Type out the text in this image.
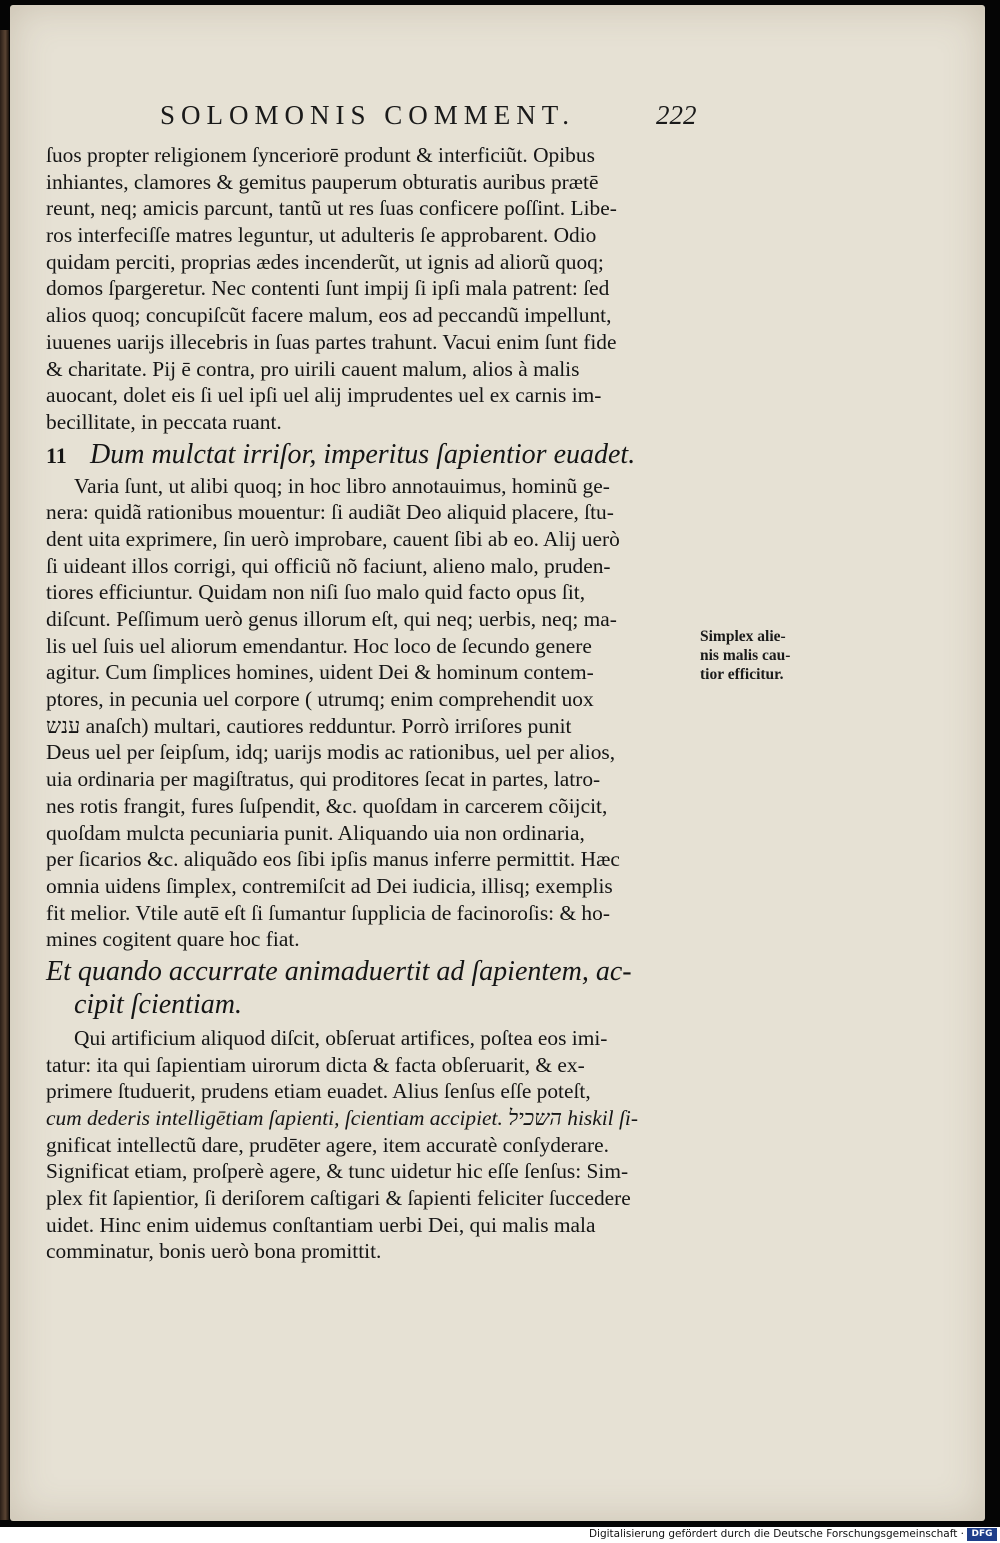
SOLOMONIS COMMENT.	222
ſuos propter religionem ſynceriorē produnt & interficiũt. Opibus
inhiantes, clamores & gemitus pauperum obturatis auribus prætē
reunt, neq; amicis parcunt, tantũ ut res ſuas conficere poſſint. Libe-
ros interfeciſſe matres leguntur, ut adulteris ſe approbarent. Odio
quidam perciti, proprias ædes incenderũt, ut ignis ad aliorũ quoq;
domos ſpargeretur. Nec contenti ſunt impij ſi ipſi mala patrent: ſed
alios quoq; concupiſcũt facere malum, eos ad peccandũ impellunt,
iuuenes uarijs illecebris in ſuas partes trahunt. Vacui enim ſunt fide
& charitate. Pij ē contra, pro uirili cauent malum, alios à malis
auocant, dolet eis ſi uel ipſi uel alij imprudentes uel ex carnis im-
becillitate, in peccata ruant.
11 Dum mulctat irriſor, imperitus ſapientior euadet.
Varia ſunt, ut alibi quoq; in hoc libro annotauimus, hominũ ge-
nera: quidã rationibus mouentur: ſi audiãt Deo aliquid placere, ſtu-
dent uita exprimere, ſin uerò improbare, cauent ſibi ab eo. Alij uerò
ſi uideant illos corrigi, qui officiũ nõ faciunt, alieno malo, pruden-
tiores efficiuntur. Quidam non niſi ſuo malo quid facto opus ſit,
diſcunt. Peſſimum uerò genus illorum eſt, qui neq; uerbis, neq; ma-
lis uel ſuis uel aliorum emendantur. Hoc loco de ſecundo genere
agitur. Cum ſimplices homines, uident Dei & hominum contem-
ptores, in pecunia uel corpore ( utrumq; enim comprehendit uox
ענש anaſch) multari, cautiores redduntur. Porrò irriſores punit
Deus uel per ſeipſum, idq; uarijs modis ac rationibus, uel per alios,
uia ordinaria per magiſtratus, qui proditores ſecat in partes, latro-
nes rotis frangit, fures ſuſpendit, &c. quoſdam in carcerem cõijcit,
quoſdam mulcta pecuniaria punit. Aliquando uia non ordinaria,
per ſicarios &c. aliquãdo eos ſibi ipſis manus inferre permittit. Hæc
omnia uidens ſimplex, contremiſcit ad Dei iudicia, illisq; exemplis
fit melior. Vtile autē eſt ſi ſumantur ſupplicia de facinoroſis: & ho-
mines cogitent quare hoc fiat.
Et quando accurrate animaduertit ad ſapientem, ac-
cipit ſcientiam.
Qui artificium aliquod diſcit, obſeruat artifices, poſtea eos imi-
tatur: ita qui ſapientiam uirorum dicta & facta obſeruarit, & ex-
primere ſtuduerit, prudens etiam euadet. Alius ſenſus eſſe poteſt,
cum dederis intelligētiam ſapienti, ſcientiam accipiet. השכיל hiskil ſi-
gnificat intellectũ dare, prudēter agere, item accuratè conſyderare.
Significat etiam, proſperè agere, & tunc uidetur hic eſſe ſenſus: Sim-
plex fit ſapientior, ſi deriſorem caſtigari & ſapienti feliciter ſuccedere
uidet. Hinc enim uidemus conſtantiam uerbi Dei, qui malis mala
comminatur, bonis uerò bona promittit.
Simplex alie-
nis malis cau-
tior efficitur.
Digitalisierung gefördert durch die Deutsche Forschungsgemeinschaft · DFG
